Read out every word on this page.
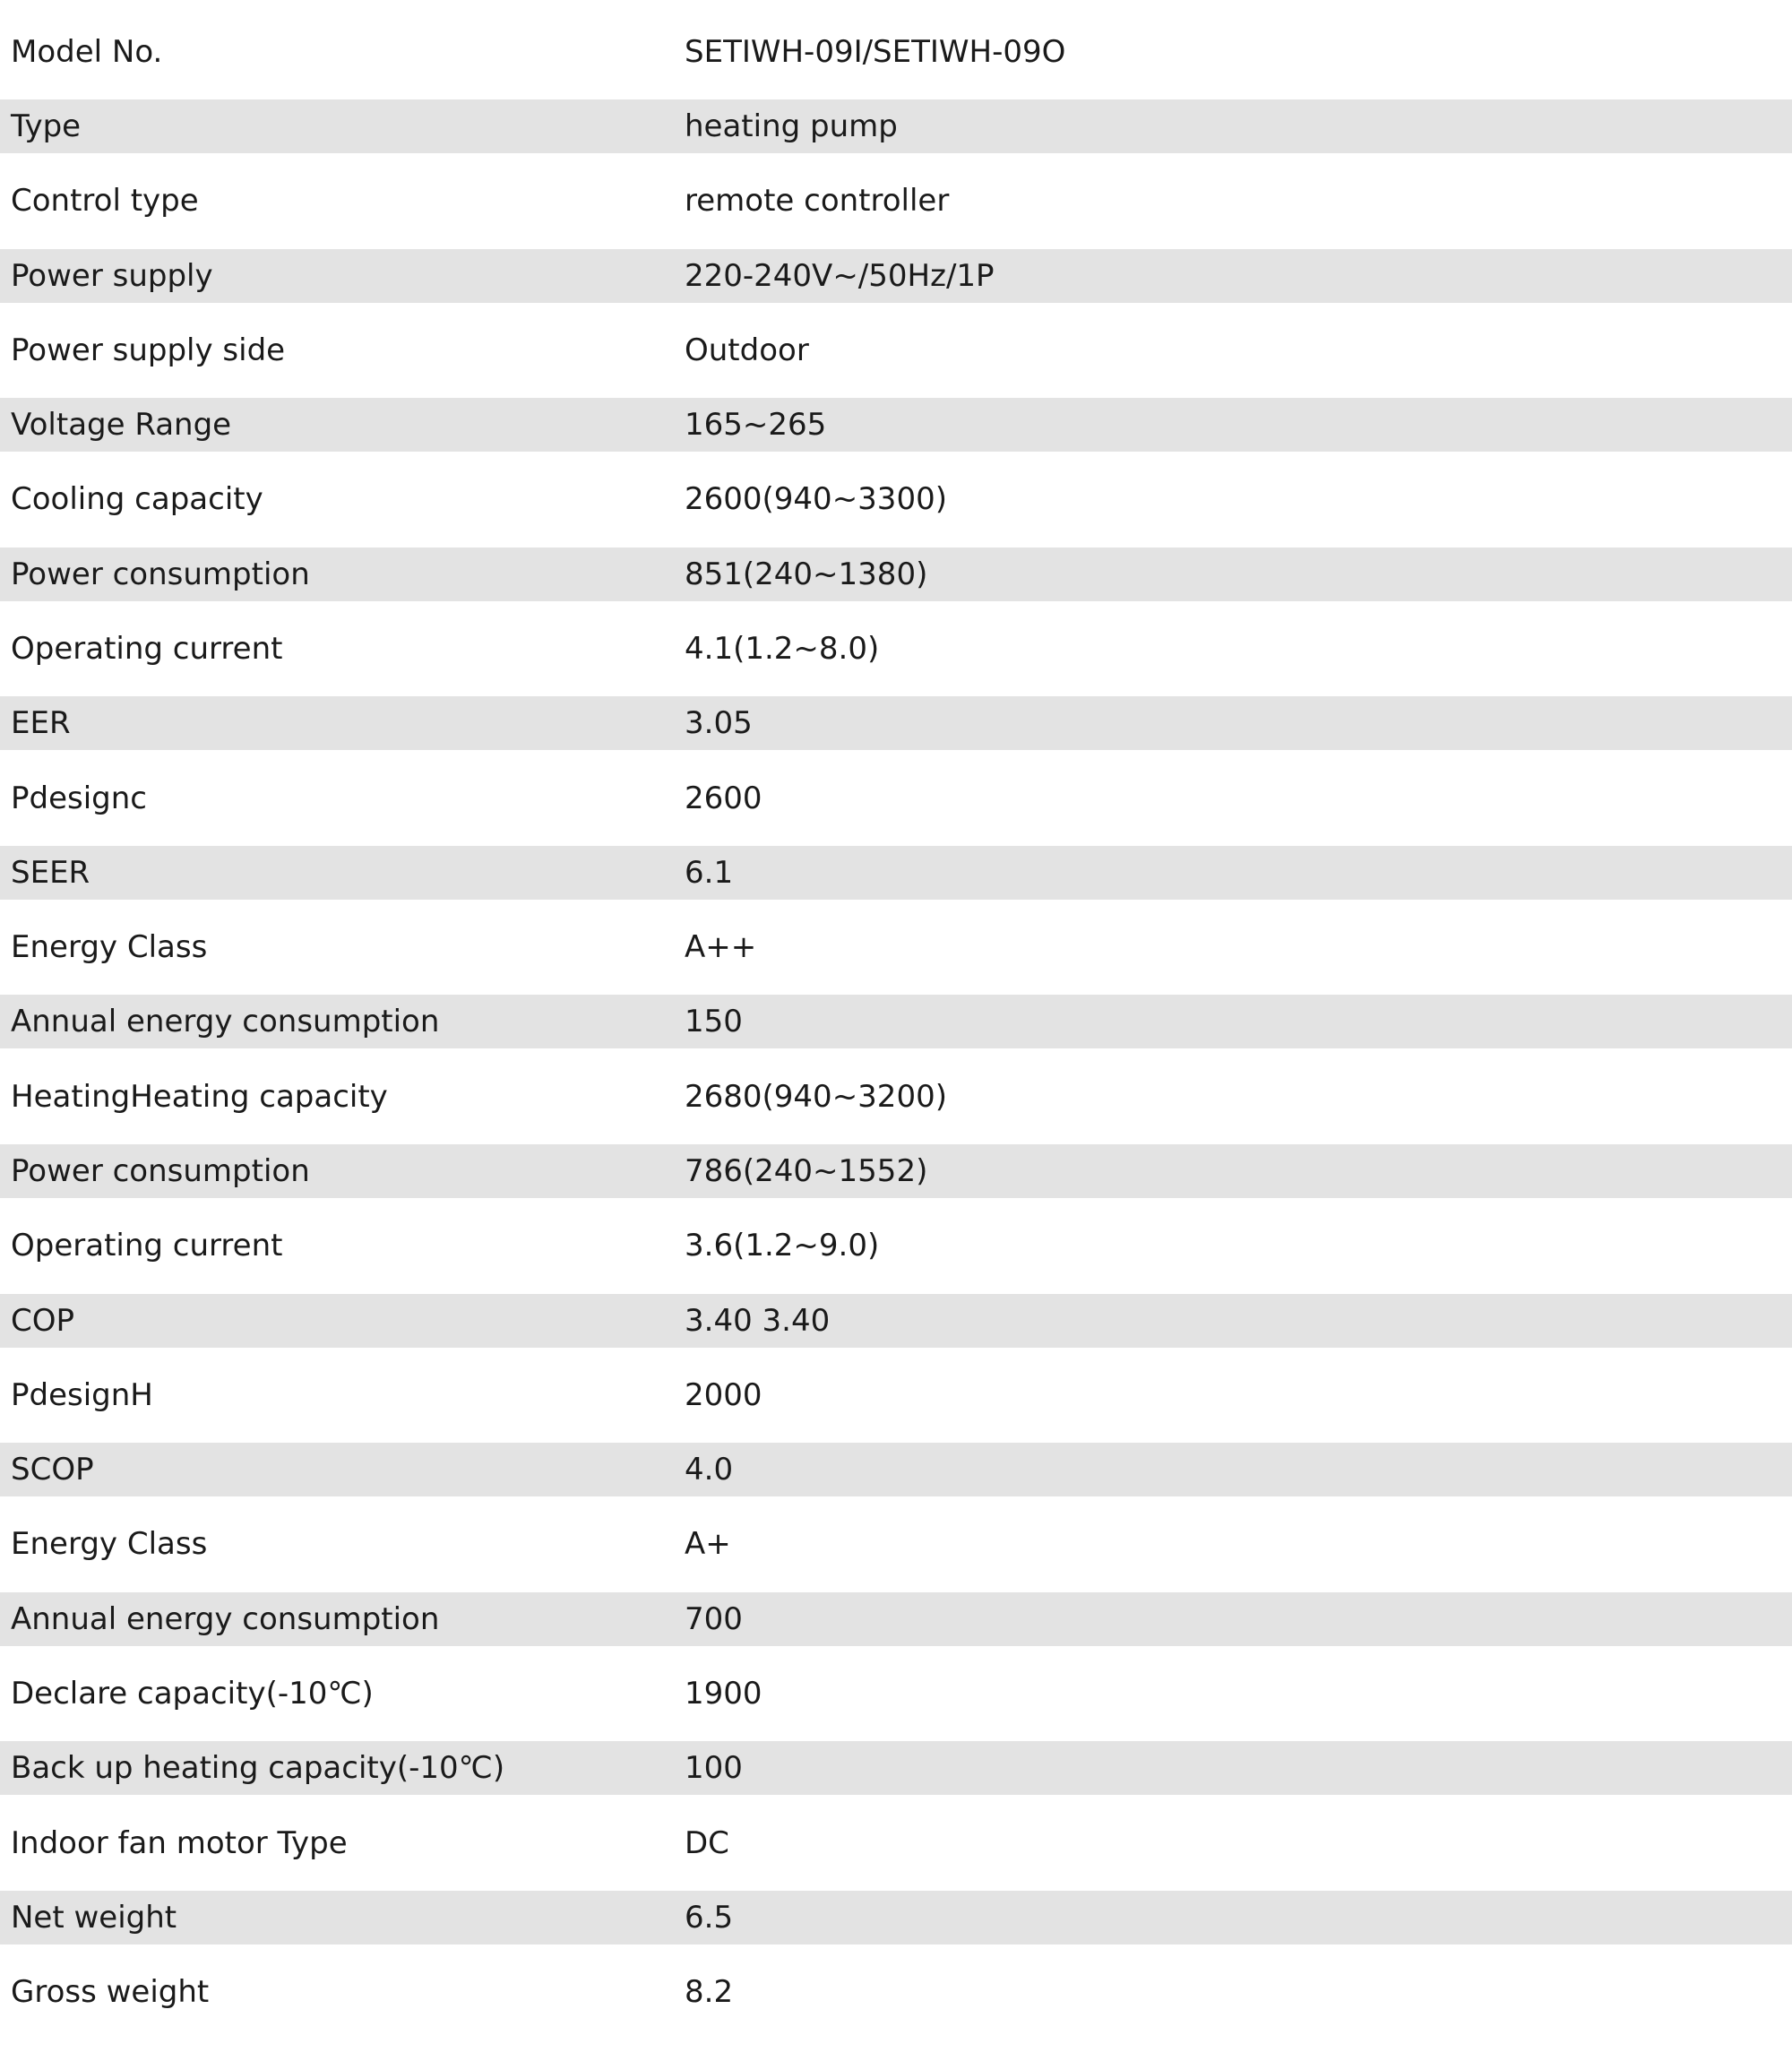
Model No.	SETIWH-09I/SETIWH-09O
Type	heating pump
Control type	remote controller
Power supply	220-240V~/50Hz/1P
Power supply side	Outdoor
Voltage Range	165~265
Cooling capacity	2600(940~3300)
Power consumption	851(240~1380)
Operating current	4.1(1.2~8.0)
EER	3.05
Pdesignc	2600
SEER	6.1
Energy Class	A++
Annual energy consumption	150
HeatingHeating capacity	2680(940~3200)
Power consumption	786(240~1552)
Operating current	3.6(1.2~9.0)
COP	3.40 3.40
PdesignH	2000
SCOP	4.0
Energy Class	A+
Annual energy consumption	700
Declare capacity(-10℃)	1900
Back up heating capacity(-10℃)	100
Indoor fan motor Type	DC
Net weight	6.5
Gross weight	8.2
